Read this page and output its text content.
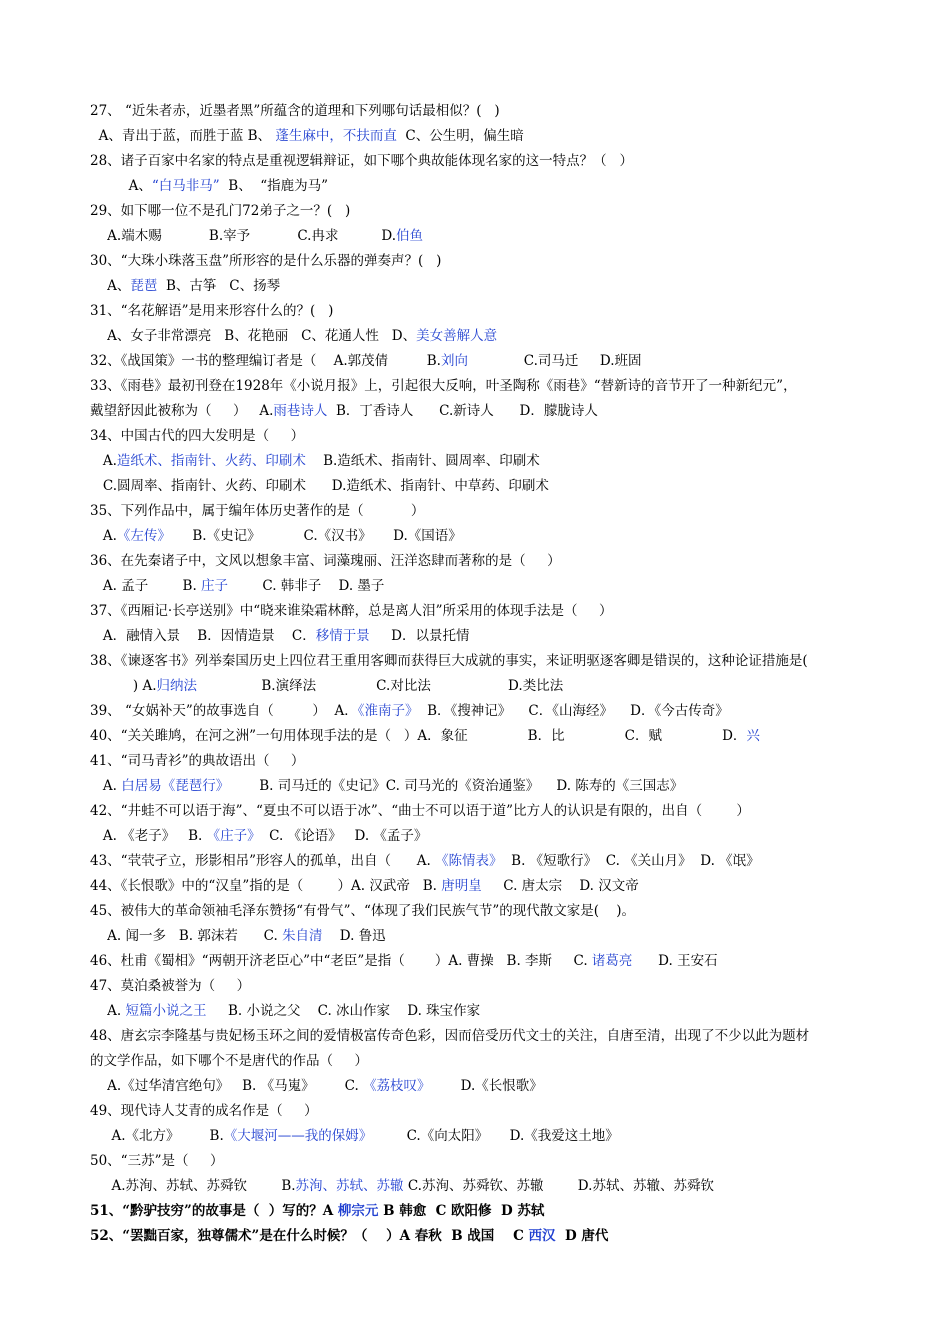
27、 “近朱者赤，近墨者黑”所蕴含的道理和下列哪句话最相似？(   )
A、青出于蓝，而胜于蓝 B、 蓬生麻中，不扶而直  C、公生明，偏生暗
28、诸子百家中名家的特点是重视逻辑辩证，如下哪个典故能体现名家的这一特点？（   ）
A、“白马非马”  B、  “指鹿为马”
29、如下哪一位不是孔门72弟子之一？(   )
A.端木赐           B.宰予           C.冉求          D.伯鱼
30、“大珠小珠落玉盘”所形容的是什么乐器的弹奏声？(   )
A、琵琶  B、古筝   C、扬琴
31、“名花解语”是用来形容什么的？(   )
A、女子非常漂亮   B、花艳丽   C、花通人性   D、美女善解人意
32、《战国策》一书的整理编订者是（    A.郭茂倩         B.刘向             C.司马迁     D.班固
33、《雨巷》最初刊登在1928年《小说月报》上，引起很大反响，叶圣陶称《雨巷》“替新诗的音节开了一种新纪元”，
戴望舒因此被称为（     ）   A.雨巷诗人  B．丁香诗人      C.新诗人      D．朦胧诗人
34、中国古代的四大发明是（     ）
A.造纸术、指南针、火药、印刷术    B.造纸术、指南针、圆周率、印刷术
C.圆周率、指南针、火药、印刷术      D.造纸术、指南针、中草药、印刷术
35、下列作品中，属于编年体历史著作的是（           ）
A.《左传》     B.《史记》          C.《汉书》     D.《国语》
36、在先秦诸子中，文风以想象丰富、词藻瑰丽、汪洋恣肆而著称的是（     ）
A. 孟子        B. 庄子        C. 韩非子    D. 墨子
37、《西厢记·长亭送别》中“晓来谁染霜林醉，总是离人泪”所采用的体现手法是（     ）
A．融情入景    B．因情造景    C．移情于景     D．以景托情
38、《谏逐客书》列举秦国历史上四位君王重用客卿而获得巨大成就的事实，来证明驱逐客卿是错误的，这种论证措施是(
) A.归纳法               B.演绎法              C.对比法                  D.类比法
39、 “女娲补天”的故事选自（         ）  A．《淮南子》  B．《搜神记》    C．《山海经》    D．《今古传奇》
40、“关关雎鸠，在河之洲”一句用体现手法的是（   ）A．象征              B．比              C．赋              D．兴
41、“司马青衫”的典故语出（     ）
A. 白居易《琵琶行》       B. 司马迁的《史记》C. 司马光的《资治通鉴》    D. 陈寿的《三国志》
42、“井蛙不可以语于海”、“夏虫不可以语于冰”、“曲士不可以语于道”比方人的认识是有限的，出自（        ）
A. 《老子》   B. 《庄子》  C. 《论语》   D. 《孟子》
43、“茕茕孑立，形影相吊”形容人的孤单，出自（      A. 《陈情表》  B. 《短歌行》  C. 《关山月》  D. 《氓》
44、《长恨歌》中的“汉皇”指的是（        ）A. 汉武帝   B. 唐明皇     C. 唐太宗    D. 汉文帝
45、被伟大的革命领袖毛泽东赞扬“有骨气”、“体现了我们民族气节”的现代散文家是(    )。
A. 闻一多   B. 郭沫若      C. 朱自清    D. 鲁迅
46、杜甫《蜀相》“两朝开济老臣心”中“老臣”是指（       ）A. 曹操   B. 李斯     C. 诸葛亮      D. 王安石
47、莫泊桑被誉为（     ）
A. 短篇小说之王     B. 小说之父    C. 冰山作家    D. 珠宝作家
48、唐玄宗李隆基与贵妃杨玉环之间的爱情极富传奇色彩，因而倍受历代文士的关注，自唐至清，出现了不少以此为题材
的文学作品，如下哪个不是唐代的作品（     ）
A.《过华清宫绝句》   B. 《马嵬》       C. 《荔枝叹》       D.《长恨歌》
49、现代诗人艾青的成名作是（     ）
A.《北方》       B.《大堰河——我的保姆》        C.《向太阳》     D.《我爱这土地》
50、“三苏”是（     ）
A.苏洵、苏轼、苏舜钦        B.苏洵、苏轼、苏辙 C.苏洵、苏舜钦、苏辙        D.苏轼、苏辙、苏舜钦
51、“黔驴技穷”的故事是（  ）写的？A 柳宗元 B 韩愈  C 欧阳修  D 苏轼
52、“罢黜百家，独尊儒术”是在什么时候？（    ）A 春秋  B 战国    C 西汉  D 唐代
